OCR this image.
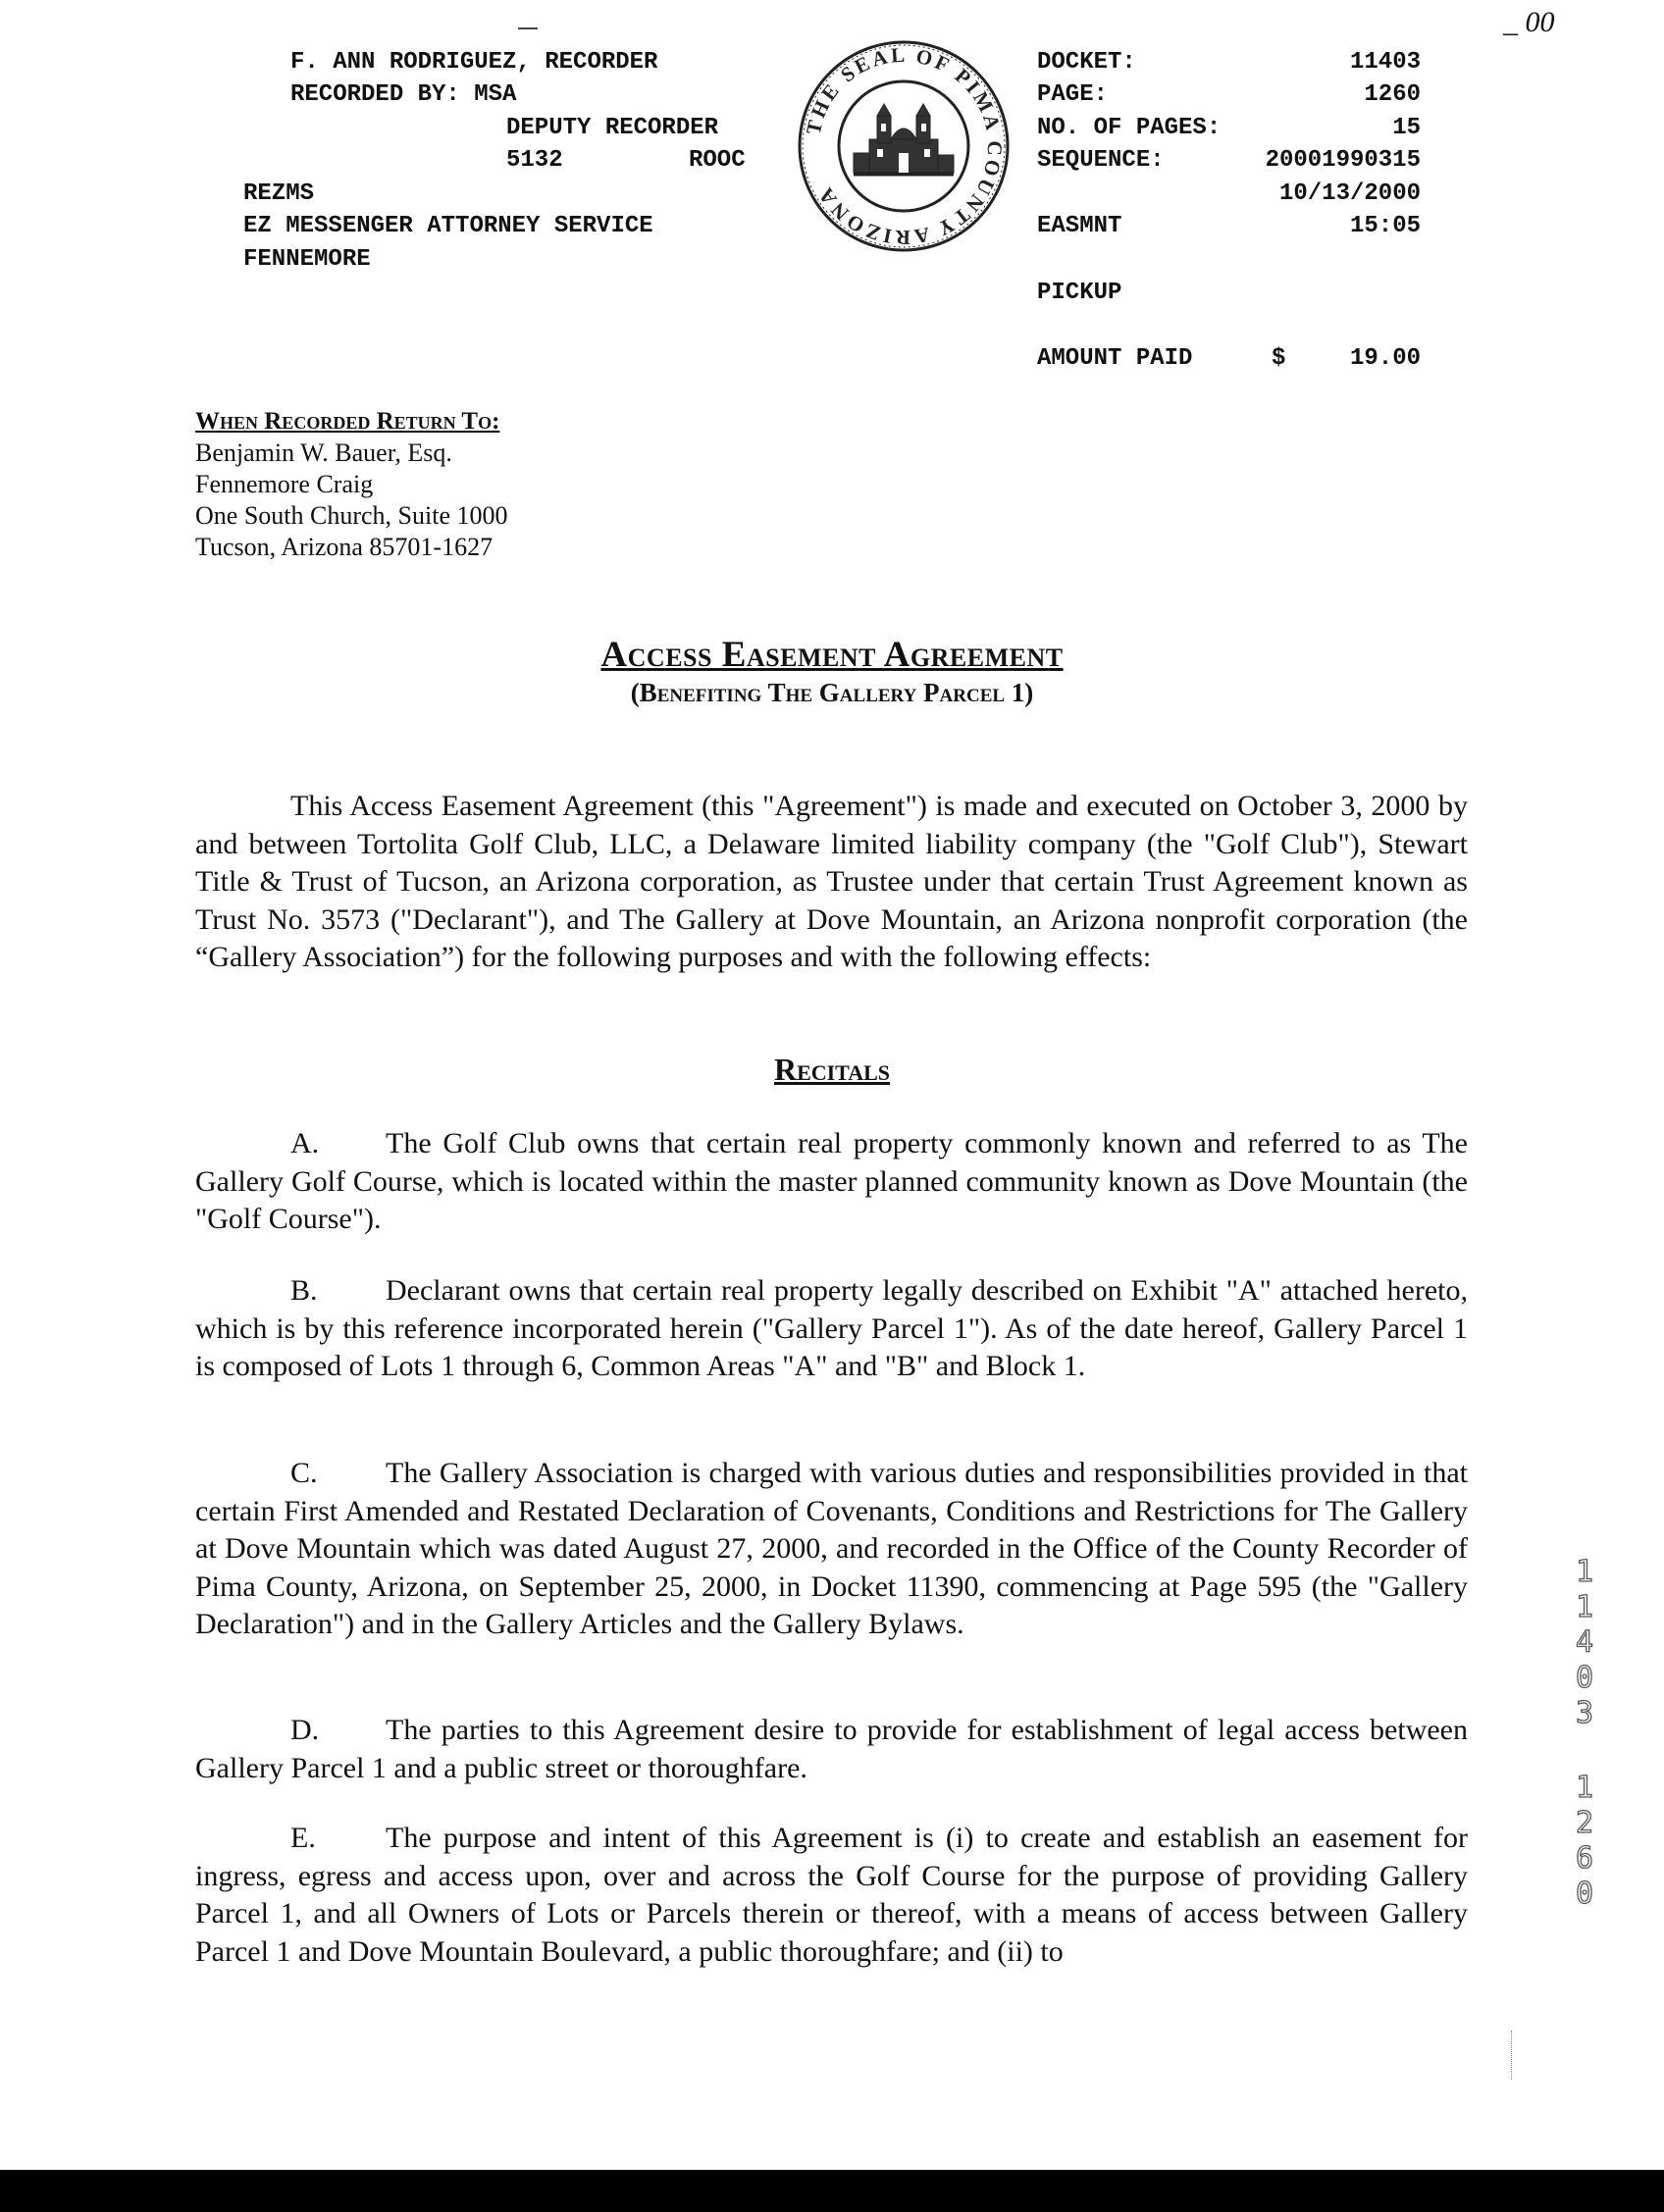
_ 00
F. ANN RODRIGUEZ, RECORDER
RECORDED BY: MSA
DEPUTY RECORDER
5132	ROOC
REZMS
EZ MESSENGER ATTORNEY SERVICE
FENNEMORE
DOCKET:	11403
PAGE:	1260
NO. OF PAGES:	15
SEQUENCE:	20001990315
10/13/2000
EASMNT	15:05
PICKUP
AMOUNT PAID	$	19.00
THE SEAL OF PIMA COUNTY ARIZONA
When Recorded Return To:
Benjamin W. Bauer, Esq.
Fennemore Craig
One South Church, Suite 1000
Tucson, Arizona 85701-1627
Access Easement Agreement
(Benefiting The Gallery Parcel 1)
This Access Easement Agreement (this "Agreement") is made and executed on October 3, 2000 by and between Tortolita Golf Club, LLC, a Delaware limited liability company (the "Golf Club"), Stewart Title & Trust of Tucson, an Arizona corporation, as Trustee under that certain Trust Agreement known as Trust No. 3573 ("Declarant"), and The Gallery at Dove Mountain, an Arizona nonprofit corporation (the “Gallery Association”) for the following purposes and with the following effects:
Recitals
A. The Golf Club owns that certain real property commonly known and referred to as The Gallery Golf Course, which is located within the master planned community known as Dove Mountain (the "Golf Course").
B. Declarant owns that certain real property legally described on Exhibit "A" attached hereto, which is by this reference incorporated herein ("Gallery Parcel 1"). As of the date hereof, Gallery Parcel 1 is composed of Lots 1 through 6, Common Areas "A" and "B" and Block 1.
C. The Gallery Association is charged with various duties and responsibilities provided in that certain First Amended and Restated Declaration of Covenants, Conditions and Restrictions for The Gallery at Dove Mountain which was dated August 27, 2000, and recorded in the Office of the County Recorder of Pima County, Arizona, on September 25, 2000, in Docket 11390, commencing at Page 595 (the "Gallery Declaration") and in the Gallery Articles and the Gallery Bylaws.
D. The parties to this Agreement desire to provide for establishment of legal access between Gallery Parcel 1 and a public street or thoroughfare.
E. The purpose and intent of this Agreement is (i) to create and establish an easement for ingress, egress and access upon, over and across the Golf Course for the purpose of providing Gallery Parcel 1, and all Owners of Lots or Parcels therein or thereof, with a means of access between Gallery Parcel 1 and Dove Mountain Boulevard, a public thoroughfare; and (ii) to
1
1
4
0
3
1
2
6
0
